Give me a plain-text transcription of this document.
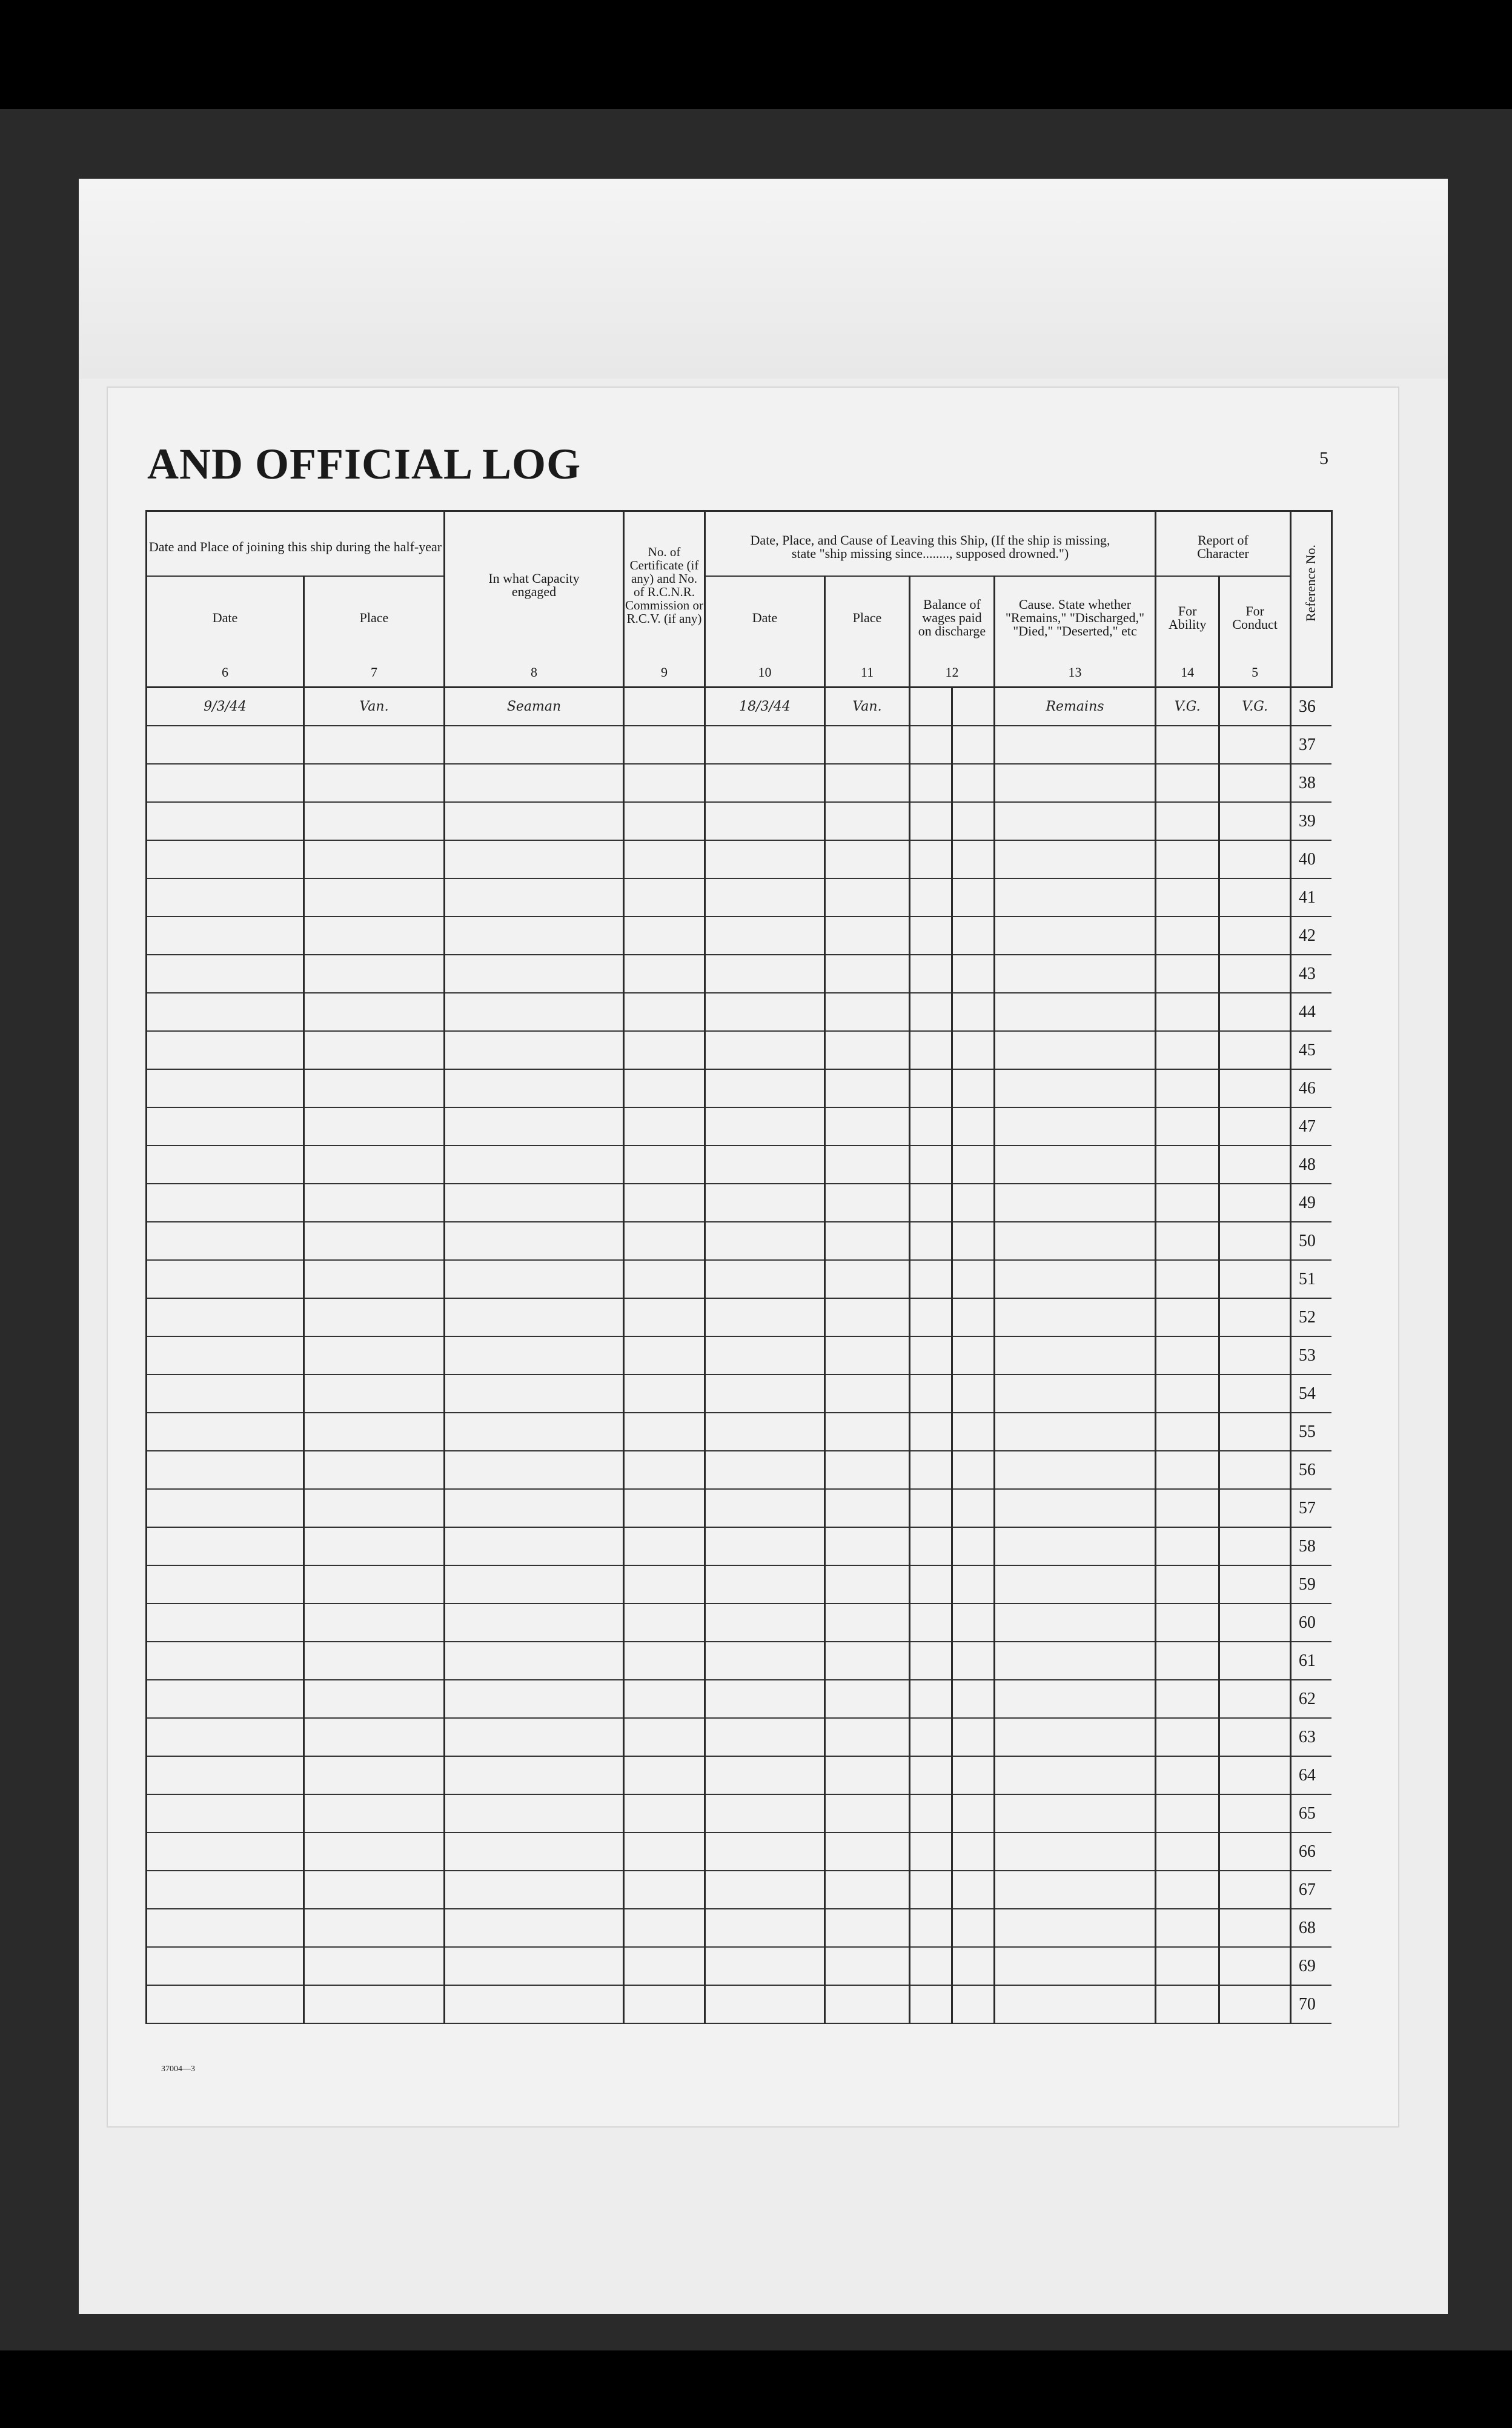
5
AND OFFICIAL LOG
Date and Place of joining this ship during the half-year		In what Capacity engaged	No. of Certificate (if any) and No. of R.C.N.R. Commission or R.C.V. (if any)	Date, Place, and Cause of Leaving this Ship, (If the ship is missing, state "ship missing since........, supposed drowned.")					Report of Character		Reference No.
Date	Place			Date	Place	Balance of wages paid on discharge		Cause. State whether "Remains," "Discharged," "Died," "Deserted," etc	For Ability	For Conduct	
6	7	8	9	10	11	12		13	14	5	
9/3/44	Van.	Seaman		18/3/44	Van.			Remains	V.G.	V.G.	36
											37
											38
											39
											40
											41
											42
											43
											44
											45
											46
											47
											48
											49
											50
											51
											52
											53
											54
											55
											56
											57
											58
											59
											60
											61
											62
											63
											64
											65
											66
											67
											68
											69
											70
37004—3
